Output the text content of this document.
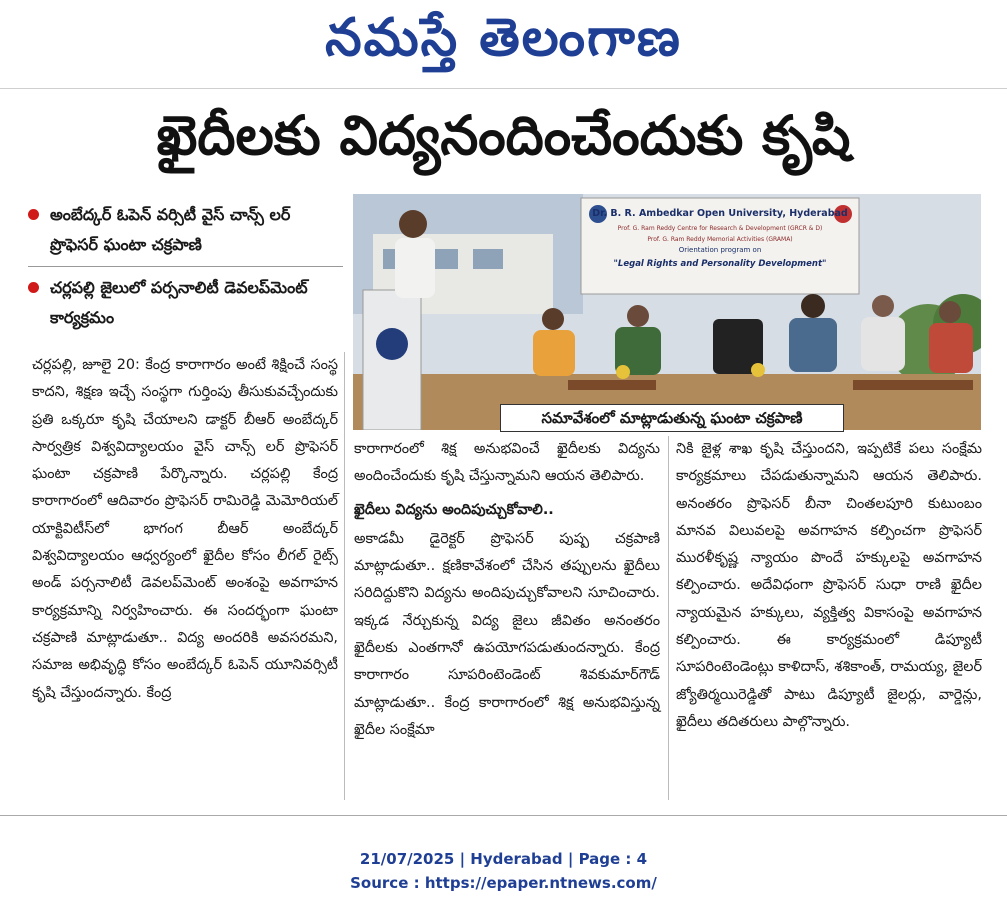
నమస్తే తెలంగాణ
ఖైదీలకు విద్యనందించేందుకు కృషి
అంబేద్కర్ ఓపెన్ వర్సిటీ వైస్ చాన్స్ లర్ ప్రొఫెసర్ ఘంటా చక్రపాణి
చర్లపల్లి జైలులో పర్సనాలిటీ డెవలప్‌మెంట్ కార్యక్రమం
Dr. B. R. Ambedkar Open University, Hyderabad
Prof. G. Ram Reddy Centre for Research & Development (GRCR & D)
Prof. G. Ram Reddy Memorial Activities (GRAMA)
Orientation program on
"Legal Rights and Personality Development"
సమావేశంలో మాట్లాడుతున్న ఘంటా చక్రపాణి

చర్లపల్లి, జూలై 20: కేంద్ర కారాగారం అంటే శిక్షించే సంస్థ కాదని, శిక్షణ ఇచ్చే సంస్థగా గుర్తింపు తీసుకువచ్చేందుకు ప్రతి ఒక్కరూ కృషి చేయాలని డాక్టర్ బీఆర్ అంబేద్కర్ సార్వత్రిక విశ్వవిద్యాలయం వైస్ చాన్స్ లర్ ప్రొఫెసర్ ఘంటా చక్రపాణి పేర్కొన్నారు. చర్లపల్లి కేంద్ర కారాగారంలో ఆదివారం ప్రొఫెసర్ రామిరెడ్డి మెమోరియల్ యాక్టివిటీస్‌లో భాగంగ బీఆర్ అంబేద్కర్ విశ్వవిద్యాలయం ఆధ్వర్యంలో ఖైదీల కోసం లీగల్ రైట్స్ అండ్ పర్సనాలిటీ డెవలప్‌మెంట్ అంశంపై అవగాహన కార్యక్రమాన్ని నిర్వహించారు. ఈ సందర్భంగా ఘంటా చక్రపాణి మాట్లాడుతూ.. విద్య అందరికి అవసరమని, సమాజ అభివృద్ధి కోసం అంబేద్కర్ ఓపెన్ యూనివర్సిటీ కృషి చేస్తుందన్నారు. కేంద్ర

కారాగారంలో శిక్ష అనుభవించే ఖైదీలకు విద్యను అందించేందుకు కృషి చేస్తున్నామని ఆయన తెలిపారు.

ఖైదీలు విద్యను అందిపుచ్చుకోవాలి..

అకాడమీ డైరెక్టర్ ప్రొఫెసర్ పుష్ప చక్రపాణి మాట్లాడుతూ.. క్షణికావేశంలో చేసిన తప్పులను ఖైదీలు సరిదిద్దుకొని విద్యను అందిపుచ్చుకోవాలని సూచించారు. ఇక్కడ నేర్చుకున్న విద్య జైలు జీవితం అనంతరం ఖైదీలకు ఎంతగానో ఉపయోగపడుతుందన్నారు. కేంద్ర కారాగారం సూపరింటెండెంట్ శివకుమార్‌గౌడ్ మాట్లాడుతూ.. కేంద్ర కారాగారంలో శిక్ష అనుభవిస్తున్న ఖైదీల సంక్షేమా

నికి జైళ్ల శాఖ కృషి చేస్తుందని, ఇప్పటికే పలు సంక్షేమ కార్యక్రమాలు చేపడుతున్నామని ఆయన తెలిపారు. అనంతరం ప్రొఫెసర్ బీనా చింతలపూరి కుటుంబం మానవ విలువలపై అవగాహన కల్పించగా ప్రొఫెసర్ మురళీకృష్ణ న్యాయం పొందే హక్కులపై అవగాహన కల్పించారు. అదేవిధంగా ప్రొఫెసర్ సుధా రాణి ఖైదీల న్యాయమైన హక్కులు, వ్యక్తిత్వ వికాసంపై అవగాహన కల్పించారు. ఈ కార్యక్రమంలో డిప్యూటీ సూపరింటెండెంట్లు కాళిదాస్, శశికాంత్, రామయ్య, జైలర్ జ్యోతిర్మయిరెడ్డితో పాటు డిప్యూటీ జైలర్లు, వార్డెన్లు, ఖైదీలు తదితరులు పాల్గొన్నారు.

21/07/2025 | Hyderabad | Page : 4
Source : https://epaper.ntnews.com/
